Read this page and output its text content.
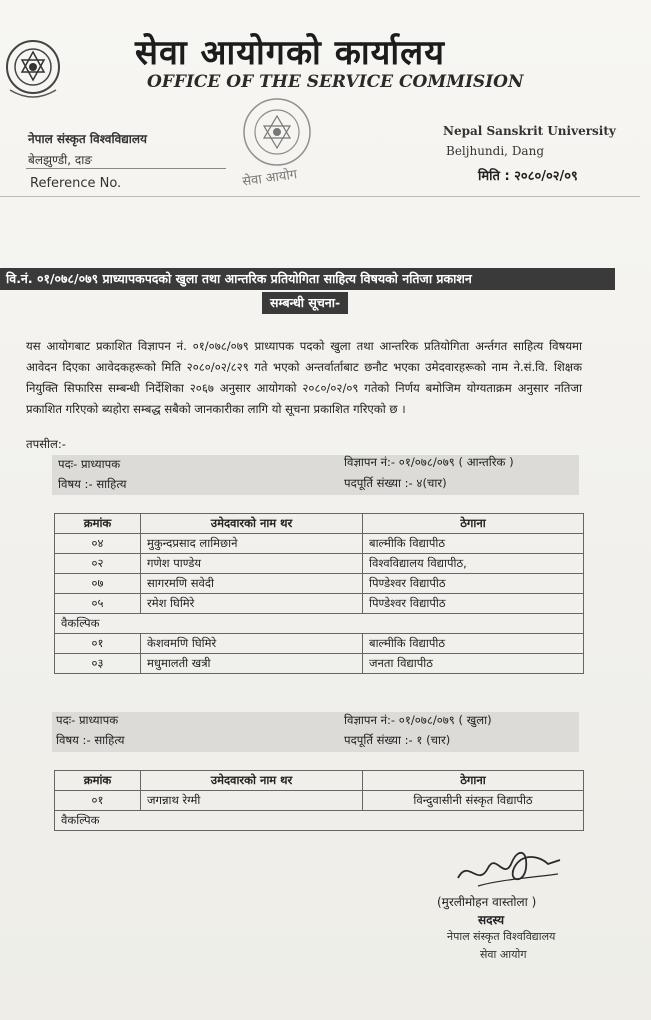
सेवा आयोगको कार्यालय
OFFICE OF THE SERVICE COMMISION
सेवा आयोग
नेपाल संस्कृत विश्वविद्यालय
बेलझुण्डी, दाङ
Reference No.
Nepal Sanskrit University
Beljhundi, Dang
मिति : २०८०/०२/०९
वि.नं. ०१/०७८/०७९ प्राध्यापकपदको खुला तथा आन्तरिक प्रतियोगिता साहित्य विषयको नतिजा प्रकाशन
सम्बन्धी सूचना-
यस आयोगबाट प्रकाशित विज्ञापन नं. ०१/०७८/०७९ प्राध्यापक पदको खुला तथा आन्तरिक प्रतियोगिता अर्न्तगत साहित्य विषयमा आवेदन दिएका आवेदकहरूको मिति २०८०/०२/८२९ गते भएको अन्तर्वार्ताबाट छनौट भएका उमेदवारहरूको नाम ने.सं.वि. शिक्षक नियुक्ति सिफारिस सम्बन्धी निर्देशिका २०६७ अनुसार आयोगको २०८०/०२/०९ गतेको निर्णय बमोजिम योग्यताक्रम अनुसार नतिजा प्रकाशित गरिएको ब्यहोरा सम्बद्ध सबैको जानकारीका लागि यो सूचना प्रकाशित गरिएको छ ।
तपसील:-
पदः- प्राध्यापक
विषय :- साहित्य
विज्ञापन नं:- ०१/०७८/०७९ ( आन्तरिक )
पदपूर्ति संख्या :- ४(चार)
क्रमांक	उमेदवारको नाम थर	ठेगाना
०४	मुकुन्दप्रसाद लामिछाने	बाल्मीकि विद्यापीठ
०२	गणेश पाण्डेय	विश्वविद्यालय विद्यापीठ,
०७	सागरमणि सवेदी	पिण्डेश्वर विद्यापीठ
०५	रमेश घिमिरे	पिण्डेश्वर विद्यापीठ
वैकल्पिक		
०१	केशवमणि घिमिरे	बाल्मीकि विद्यापीठ
०३	मधुमालती खत्री	जनता विद्यापीठ
पदः- प्राध्यापक
विषय :- साहित्य
विज्ञापन नं:- ०१/०७८/०७९ ( खुला)
पदपूर्ति संख्या :- १ (चार)
क्रमांक	उमेदवारको नाम थर	ठेगाना
०१	जगन्नाथ रेग्मी	विन्दुवासीनी संस्कृत विद्यापीठ
वैकल्पिक		
(मुरलीमोहन वास्तोला )
सदस्य
नेपाल संस्कृत विश्वविद्यालय
सेवा आयोग
